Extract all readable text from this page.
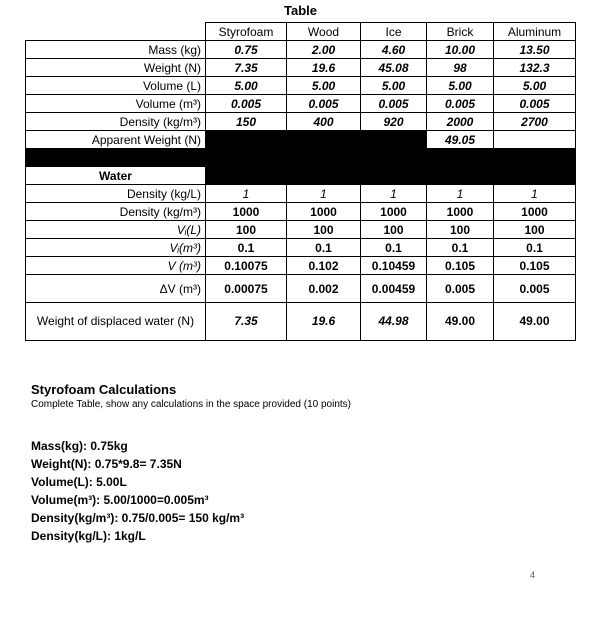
Table
	Styrofoam	Wood	Ice	Brick	Aluminum
Mass (kg)	0.75	2.00	4.60	10.00	13.50
Weight (N)	7.35	19.6	45.08	98	132.3
Volume (L)	5.00	5.00	5.00	5.00	5.00
Volume (m³)	0.005	0.005	0.005	0.005	0.005
Density (kg/m³)	150	400	920	2000	2700
Apparent Weight (N)				49.05	

Water					
Density (kg/L)	1	1	1	1	1
Density (kg/m³)	1000	1000	1000	1000	1000
Vᵢ(L)	100	100	100	100	100
Vᵢ(m³)	0.1	0.1	0.1	0.1	0.1
V (m³)	0.10075	0.102	0.10459	0.105	0.105
ΔV (m³)	0.00075	0.002	0.00459	0.005	0.005
Weight of displaced water (N)	7.35	19.6	44.98	49.00	49.00
Styrofoam Calculations
Complete Table, show any calculations in the space provided (10 points)
Mass(kg): 0.75kg
Weight(N): 0.75*9.8= 7.35N
Volume(L): 5.00L
Volume(m³): 5.00/1000=0.005m³
Density(kg/m³): 0.75/0.005= 150 kg/m³
Density(kg/L): 1kg/L
4
